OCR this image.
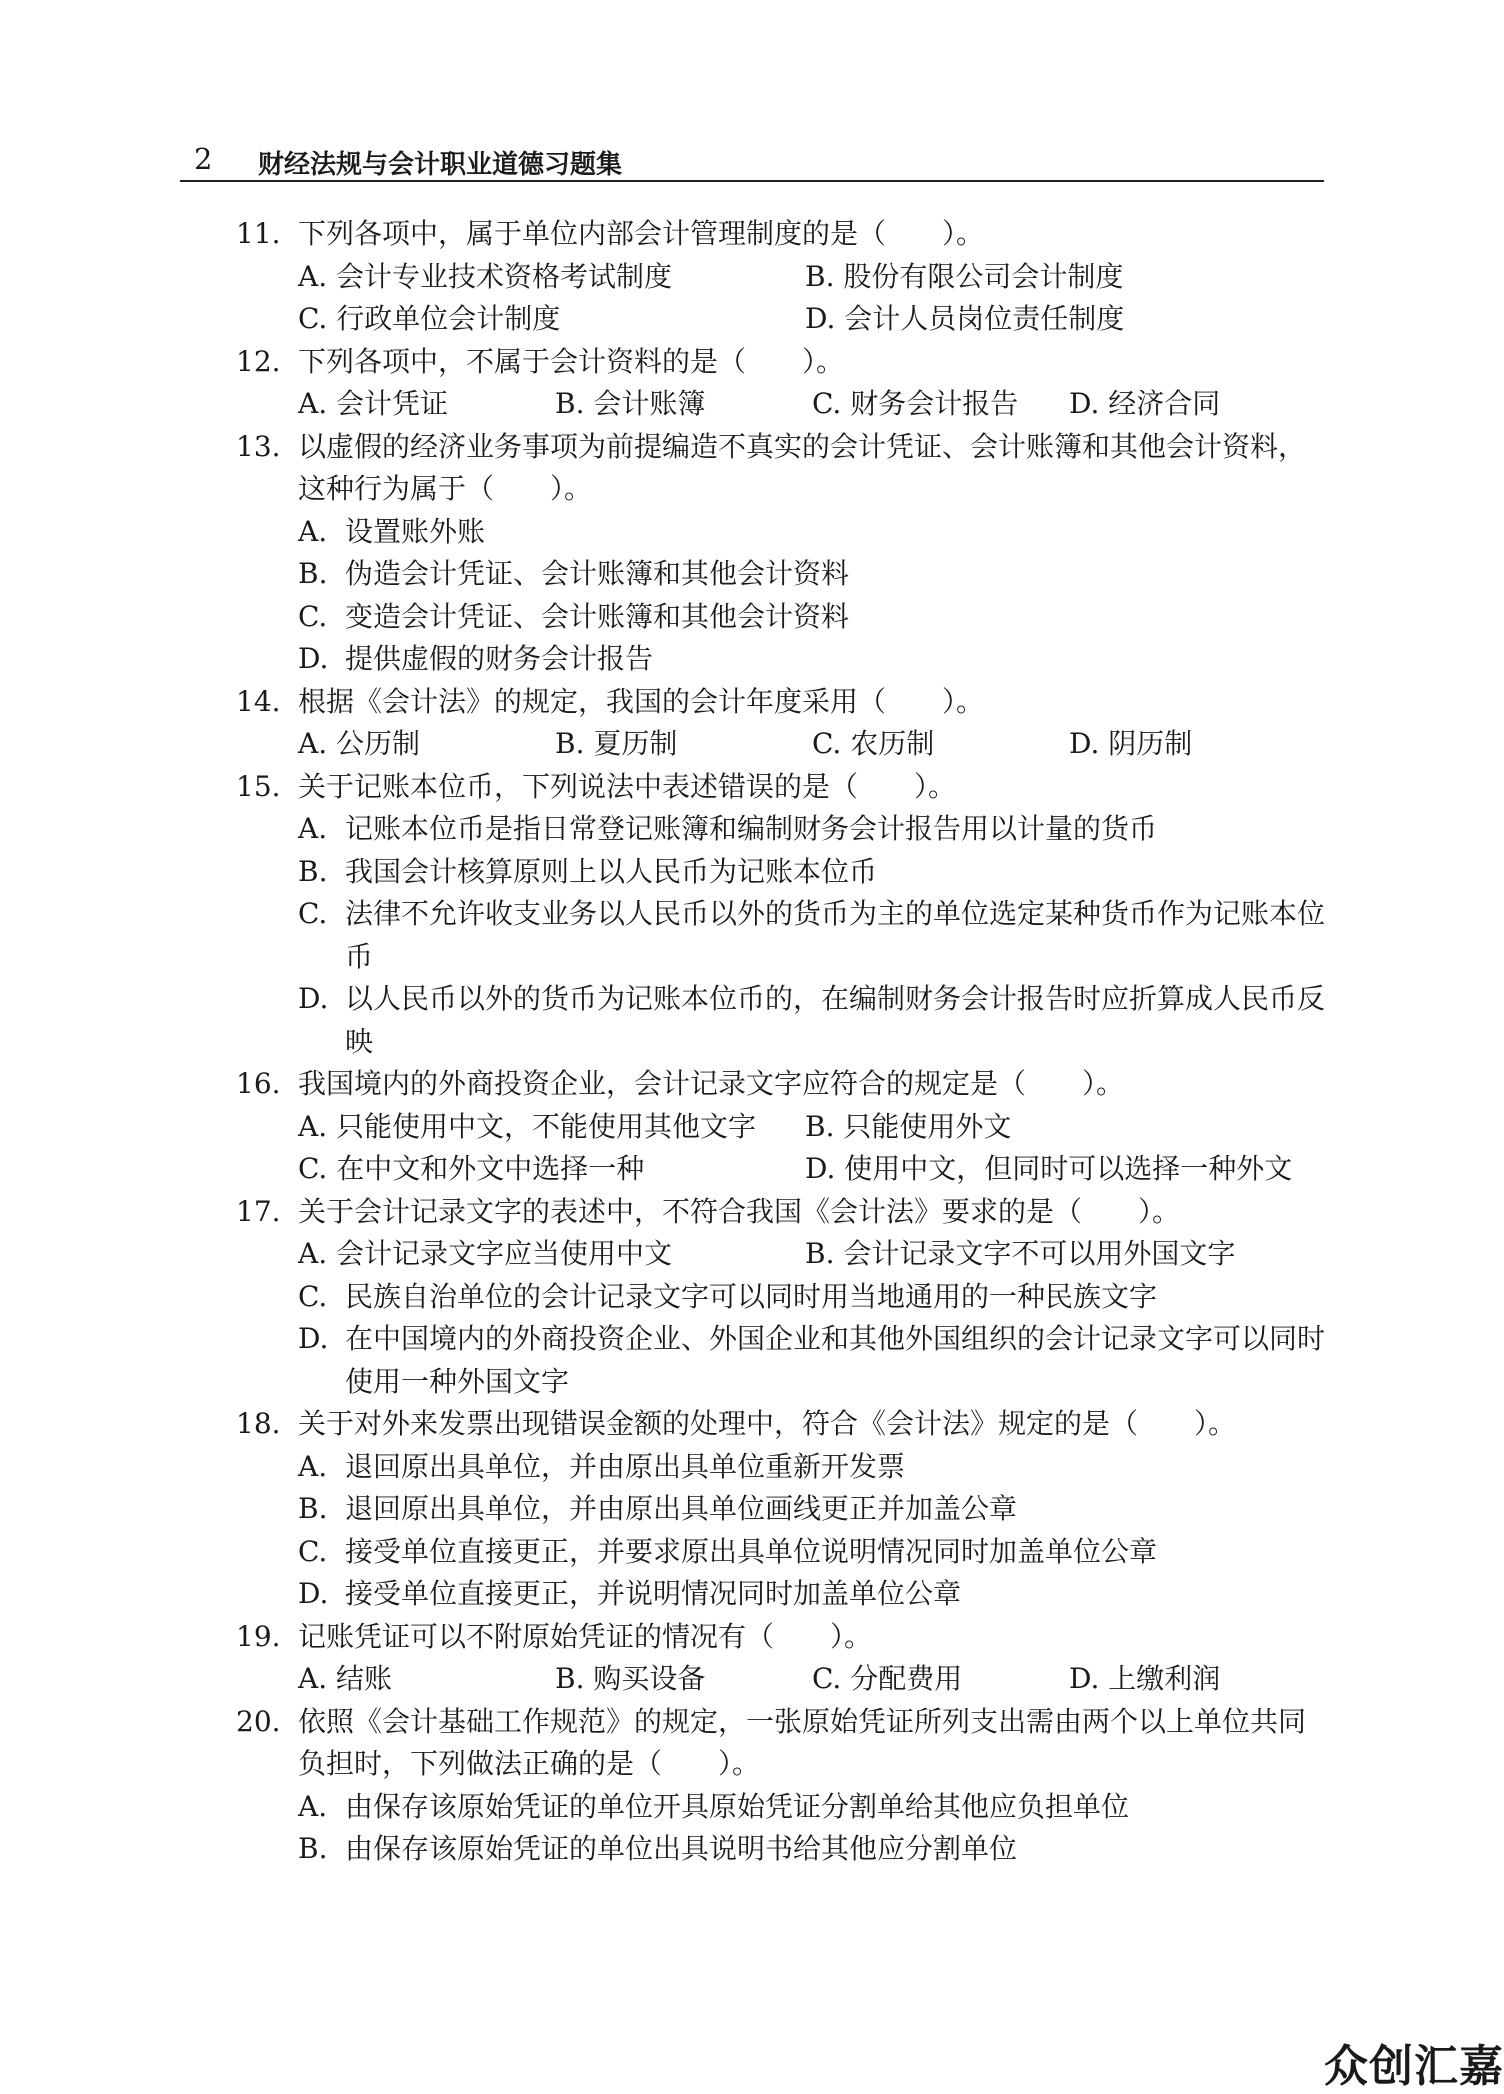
2 财经法规与会计职业道德习题集
11. 下列各项中，属于单位内部会计管理制度的是（　　）。
A. 会计专业技术资格考试制度	B. 股份有限公司会计制度
C. 行政单位会计制度	D. 会计人员岗位责任制度
12. 下列各项中，不属于会计资料的是（　　）。
A. 会计凭证	B. 会计账簿	C. 财务会计报告	D. 经济合同
13. 以虚假的经济业务事项为前提编造不真实的会计凭证、会计账簿和其他会计资料，这种行为属于（　　）。
A. 设置账外账
B. 伪造会计凭证、会计账簿和其他会计资料
C. 变造会计凭证、会计账簿和其他会计资料
D. 提供虚假的财务会计报告
14. 根据《会计法》的规定，我国的会计年度采用（　　）。
A. 公历制	B. 夏历制	C. 农历制	D. 阴历制
15. 关于记账本位币，下列说法中表述错误的是（　　）。
A. 记账本位币是指日常登记账簿和编制财务会计报告用以计量的货币
B. 我国会计核算原则上以人民币为记账本位币
C. 法律不允许收支业务以人民币以外的货币为主的单位选定某种货币作为记账本位币
D. 以人民币以外的货币为记账本位币的，在编制财务会计报告时应折算成人民币反映
16. 我国境内的外商投资企业，会计记录文字应符合的规定是（　　）。
A. 只能使用中文，不能使用其他文字	B. 只能使用外文
C. 在中文和外文中选择一种	D. 使用中文，但同时可以选择一种外文
17. 关于会计记录文字的表述中，不符合我国《会计法》要求的是（　　）。
A. 会计记录文字应当使用中文	B. 会计记录文字不可以用外国文字
C. 民族自治单位的会计记录文字可以同时用当地通用的一种民族文字
D. 在中国境内的外商投资企业、外国企业和其他外国组织的会计记录文字可以同时使用一种外国文字
18. 关于对外来发票出现错误金额的处理中，符合《会计法》规定的是（　　）。
A. 退回原出具单位，并由原出具单位重新开发票
B. 退回原出具单位，并由原出具单位画线更正并加盖公章
C. 接受单位直接更正，并要求原出具单位说明情况同时加盖单位公章
D. 接受单位直接更正，并说明情况同时加盖单位公章
19. 记账凭证可以不附原始凭证的情况有（　　）。
A. 结账	B. 购买设备	C. 分配费用	D. 上缴利润
20. 依照《会计基础工作规范》的规定，一张原始凭证所列支出需由两个以上单位共同负担时，下列做法正确的是（　　）。
A. 由保存该原始凭证的单位开具原始凭证分割单给其他应负担单位
B. 由保存该原始凭证的单位出具说明书给其他应分割单位
众创汇嘉
